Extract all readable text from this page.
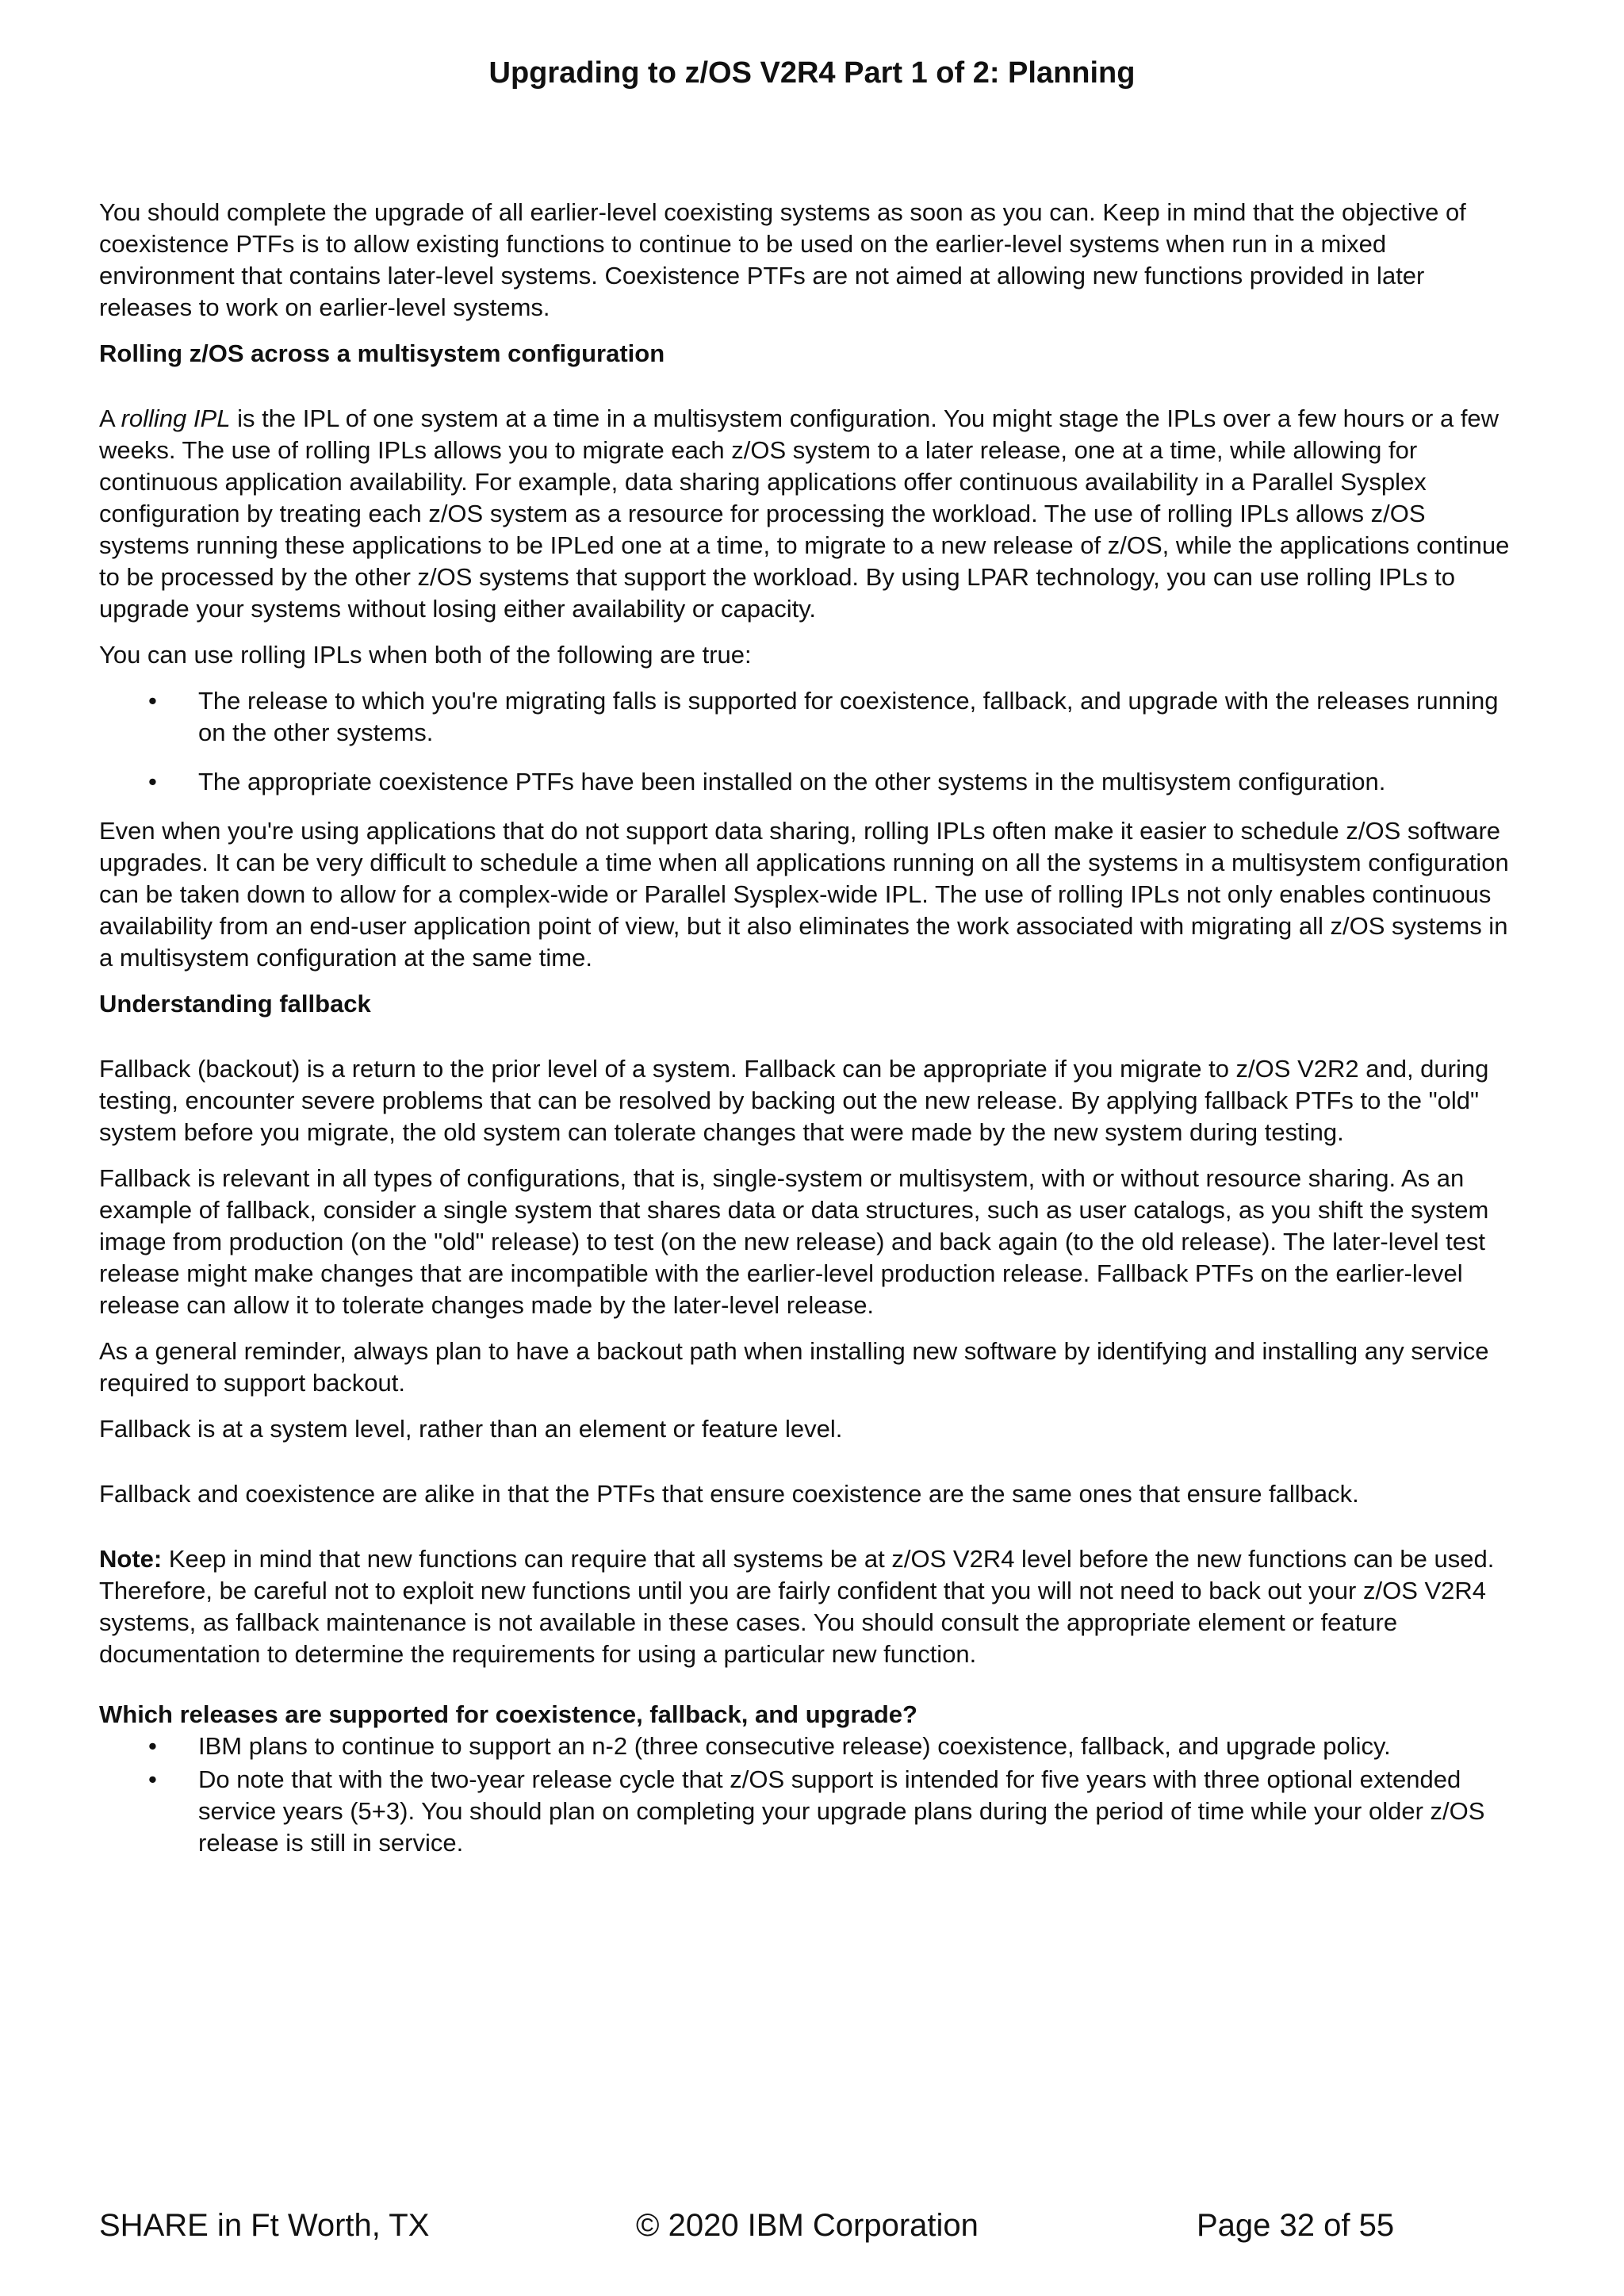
Upgrading to z/OS V2R4 Part 1 of 2: Planning

You should complete the upgrade of all earlier-level coexisting systems as soon as you can. Keep in mind that the objective of coexistence PTFs is to allow existing functions to continue to be used on the earlier-level systems when run in a mixed environment that contains later-level systems. Coexistence PTFs are not aimed at allowing new functions provided in later releases to work on earlier-level systems.

Rolling z/OS across a multisystem configuration

A rolling IPL is the IPL of one system at a time in a multisystem configuration. You might stage the IPLs over a few hours or a few weeks. The use of rolling IPLs allows you to migrate each z/OS system to a later release, one at a time, while allowing for continuous application availability. For example, data sharing applications offer continuous availability in a Parallel Sysplex configuration by treating each z/OS system as a resource for processing the workload. The use of rolling IPLs allows z/OS systems running these applications to be IPLed one at a time, to migrate to a new release of z/OS, while the applications continue to be processed by the other z/OS systems that support the workload. By using LPAR technology, you can use rolling IPLs to upgrade your systems without losing either availability or capacity.

You can use rolling IPLs when both of the following are true:

• The release to which you're migrating falls is supported for coexistence, fallback, and upgrade with the releases running on the other systems.
• The appropriate coexistence PTFs have been installed on the other systems in the multisystem configuration.

Even when you're using applications that do not support data sharing, rolling IPLs often make it easier to schedule z/OS software upgrades. It can be very difficult to schedule a time when all applications running on all the systems in a multisystem configuration can be taken down to allow for a complex-wide or Parallel Sysplex-wide IPL. The use of rolling IPLs not only enables continuous availability from an end-user application point of view, but it also eliminates the work associated with migrating all z/OS systems in a multisystem configuration at the same time.

Understanding fallback

Fallback (backout) is a return to the prior level of a system. Fallback can be appropriate if you migrate to z/OS V2R2 and, during testing, encounter severe problems that can be resolved by backing out the new release. By applying fallback PTFs to the "old" system before you migrate, the old system can tolerate changes that were made by the new system during testing.

Fallback is relevant in all types of configurations, that is, single-system or multisystem, with or without resource sharing. As an example of fallback, consider a single system that shares data or data structures, such as user catalogs, as you shift the system image from production (on the "old" release) to test (on the new release) and back again (to the old release). The later-level test release might make changes that are incompatible with the earlier-level production release. Fallback PTFs on the earlier-level release can allow it to tolerate changes made by the later-level release.

As a general reminder, always plan to have a backout path when installing new software by identifying and installing any service required to support backout.

Fallback is at a system level, rather than an element or feature level.

Fallback and coexistence are alike in that the PTFs that ensure coexistence are the same ones that ensure fallback.

Note: Keep in mind that new functions can require that all systems be at z/OS V2R4 level before the new functions can be used. Therefore, be careful not to exploit new functions until you are fairly confident that you will not need to back out your z/OS V2R4 systems, as fallback maintenance is not available in these cases. You should consult the appropriate element or feature documentation to determine the requirements for using a particular new function.

Which releases are supported for coexistence, fallback, and upgrade?
• IBM plans to continue to support an n-2 (three consecutive release) coexistence, fallback, and upgrade policy.
• Do note that with the two-year release cycle that z/OS support is intended for five years with three optional extended service years (5+3). You should plan on completing your upgrade plans during the period of time while your older z/OS release is still in service.
SHARE in Ft Worth, TX	© 2020 IBM Corporation	Page 32 of 55
